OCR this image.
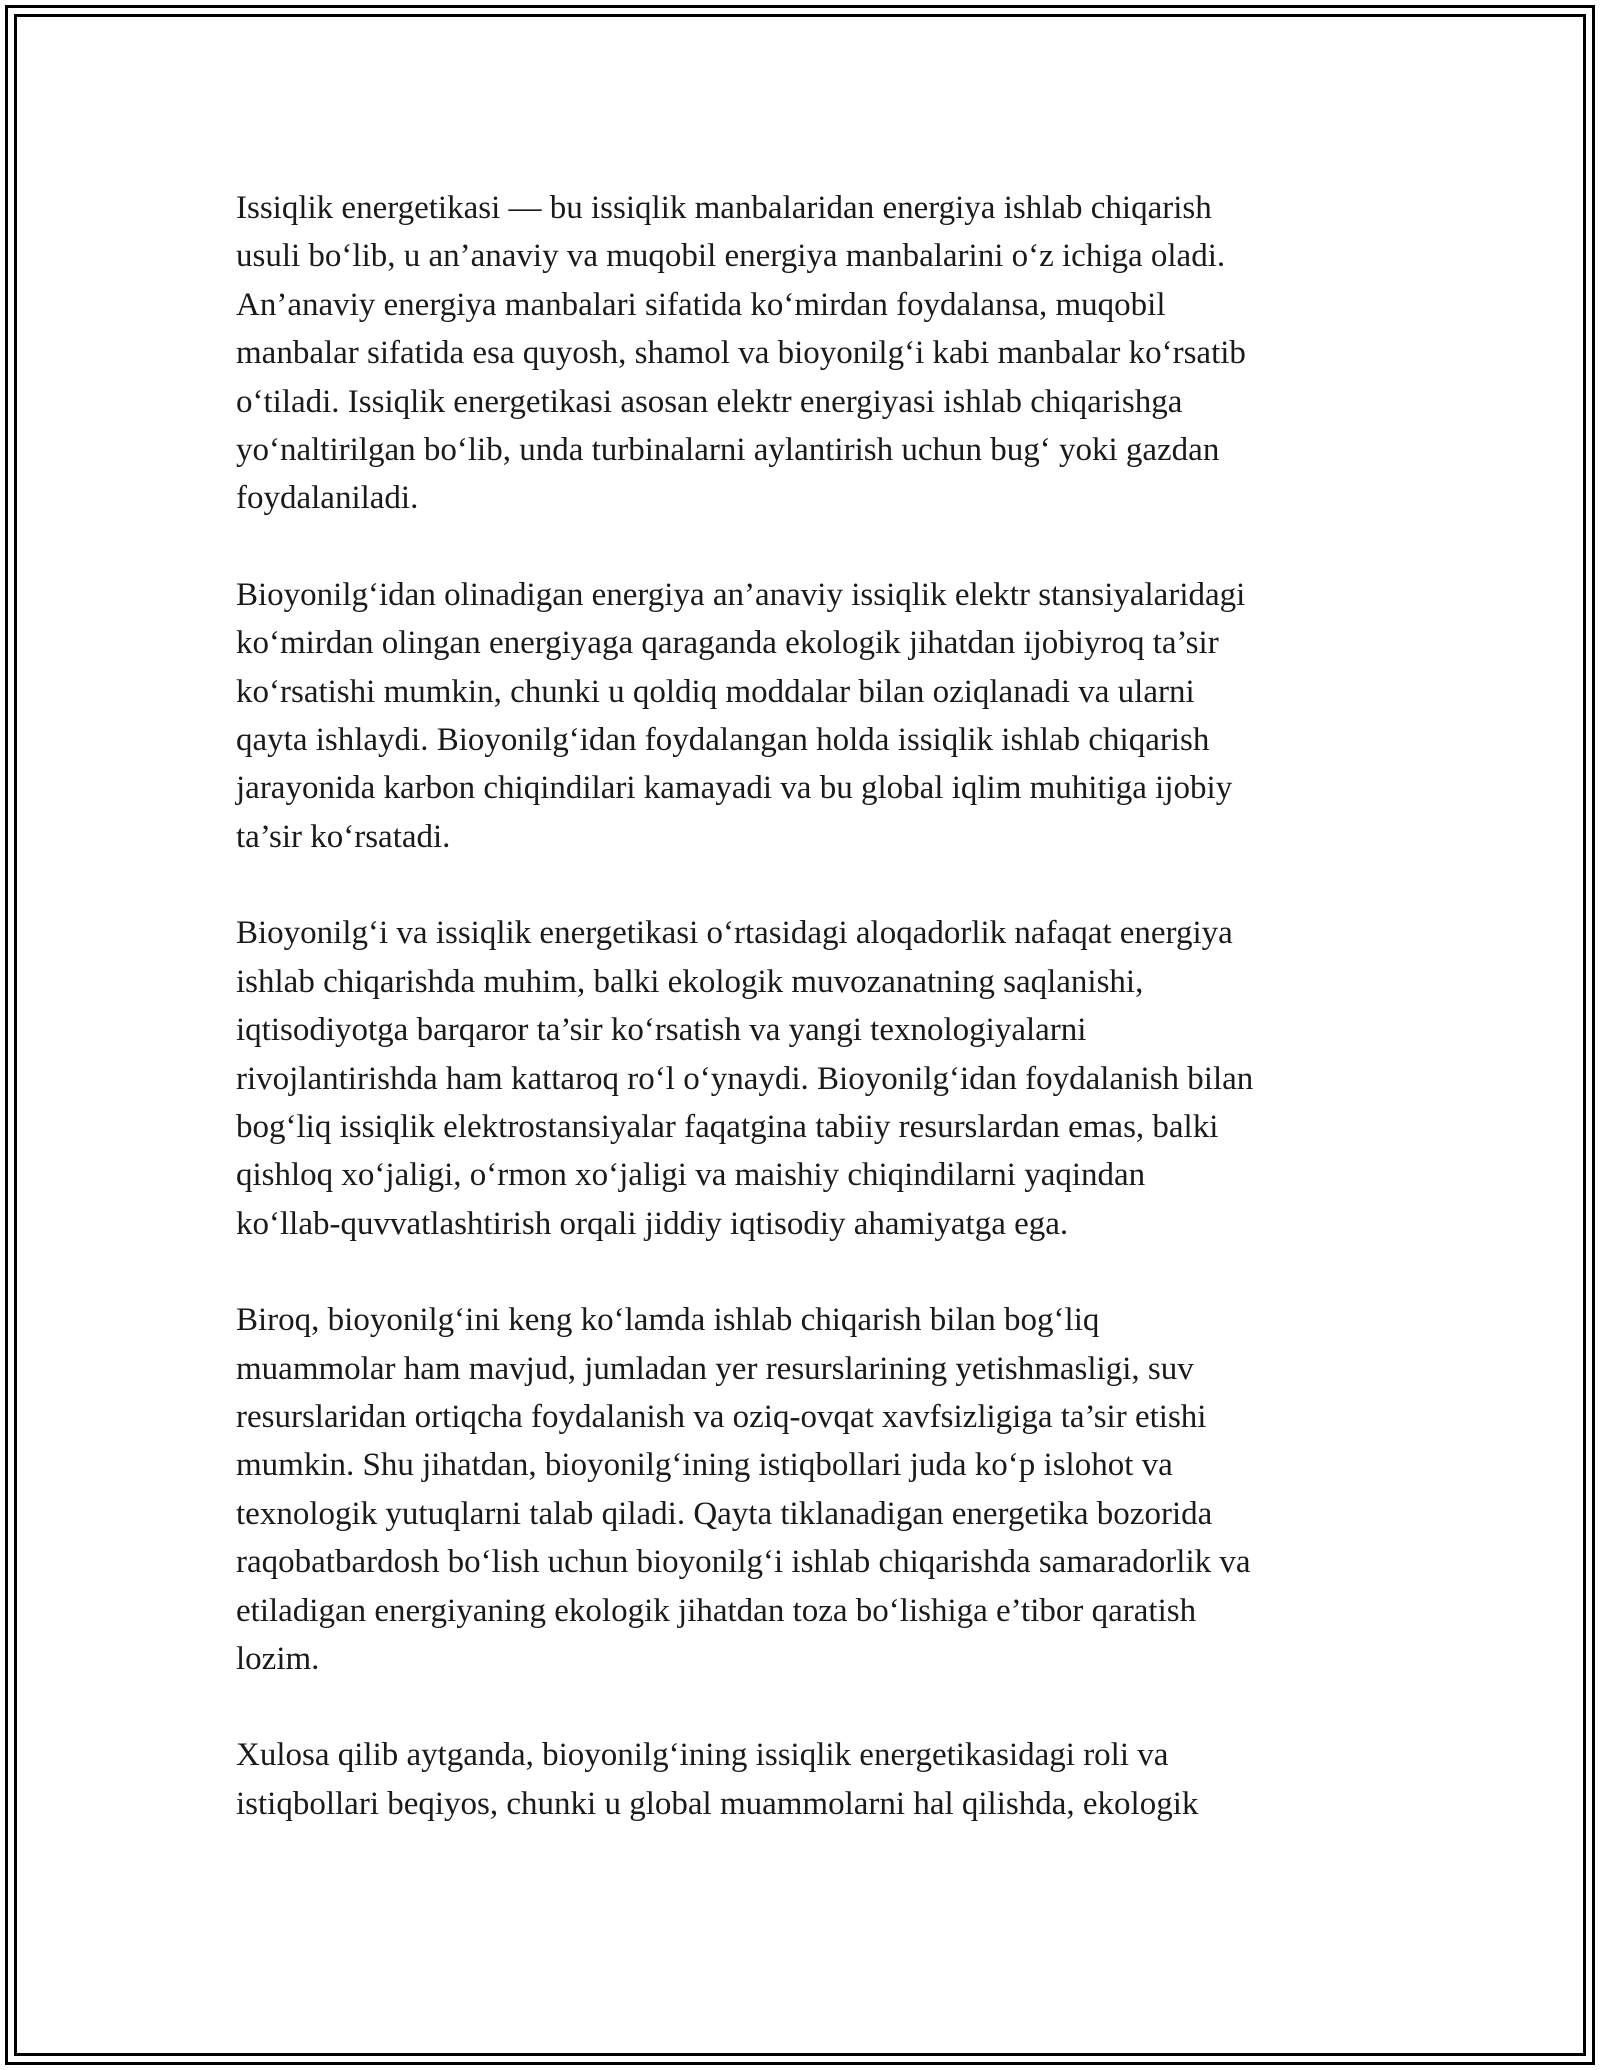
Issiqlik energetikasi — bu issiqlik manbalaridan energiya ishlab chiqarish
usuli bo‘lib, u an’anaviy va muqobil energiya manbalarini o‘z ichiga oladi.
An’anaviy energiya manbalari sifatida ko‘mirdan foydalansa, muqobil
manbalar sifatida esa quyosh, shamol va bioyonilg‘i kabi manbalar ko‘rsatib
o‘tiladi. Issiqlik energetikasi asosan elektr energiyasi ishlab chiqarishga
yo‘naltirilgan bo‘lib, unda turbinalarni aylantirish uchun bug‘ yoki gazdan
foydalaniladi.

Bioyonilg‘idan olinadigan energiya an’anaviy issiqlik elektr stansiyalaridagi
ko‘mirdan olingan energiyaga qaraganda ekologik jihatdan ijobiyroq ta’sir
ko‘rsatishi mumkin, chunki u qoldiq moddalar bilan oziqlanadi va ularni
qayta ishlaydi. Bioyonilg‘idan foydalangan holda issiqlik ishlab chiqarish
jarayonida karbon chiqindilari kamayadi va bu global iqlim muhitiga ijobiy
ta’sir ko‘rsatadi.

Bioyonilg‘i va issiqlik energetikasi o‘rtasidagi aloqadorlik nafaqat energiya
ishlab chiqarishda muhim, balki ekologik muvozanatning saqlanishi,
iqtisodiyotga barqaror ta’sir ko‘rsatish va yangi texnologiyalarni
rivojlantirishda ham kattaroq ro‘l o‘ynaydi. Bioyonilg‘idan foydalanish bilan
bog‘liq issiqlik elektrostansiyalar faqatgina tabiiy resurslardan emas, balki
qishloq xo‘jaligi, o‘rmon xo‘jaligi va maishiy chiqindilarni yaqindan
ko‘llab-quvvatlashtirish orqali jiddiy iqtisodiy ahamiyatga ega.

Biroq, bioyonilg‘ini keng ko‘lamda ishlab chiqarish bilan bog‘liq
muammolar ham mavjud, jumladan yer resurslarining yetishmasligi, suv
resurslaridan ortiqcha foydalanish va oziq-ovqat xavfsizligiga ta’sir etishi
mumkin. Shu jihatdan, bioyonilg‘ining istiqbollari juda ko‘p islohot va
texnologik yutuqlarni talab qiladi. Qayta tiklanadigan energetika bozorida
raqobatbardosh bo‘lish uchun bioyonilg‘i ishlab chiqarishda samaradorlik va
etiladigan energiyaning ekologik jihatdan toza bo‘lishiga e’tibor qaratish
lozim.

Xulosa qilib aytganda, bioyonilg‘ining issiqlik energetikasidagi roli va
istiqbollari beqiyos, chunki u global muammolarni hal qilishda, ekologik
